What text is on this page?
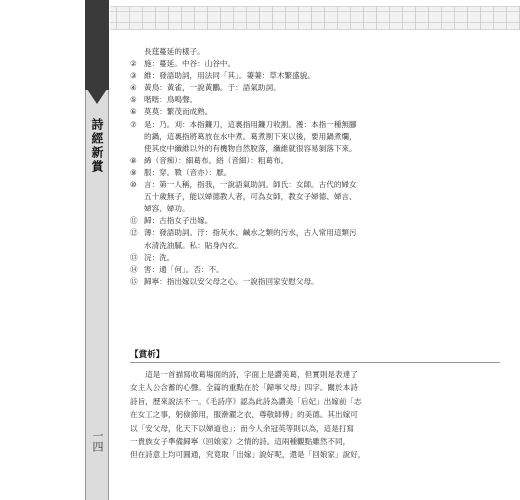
詩經新賞
一四
長莛蔓延的樣子。
② 施：蔓延。中谷：山谷中。
③ 維：發語助詞，用法同「其」。萋萋：草木繁盛貌。
④ 黃鳥：黃雀，一說黃鸝。于：語氣助詞。
⑤ 喈喈：鳥鳴聲。
⑥ 莫莫：繁茂而成熟。
⑦ 是：乃。刈：本指鐮刀，這裏指用鐮刀收割。濩：本指一種無腳
的鍋，這裏指將葛放在水中煮。葛煮割下來以後，要用鍋煮爛，
使其皮中纖維以外的有機物自然脫落，纖維就很容易剝落下來。
⑧ 絺（音痴）：細葛布。綌（音細）：粗葛布。
⑨ 服：穿。斁（音亦）：厭。
⑩ 言：第一人稱，指我，一說語氣助詞。師氏：女師。古代的婦女
五十歲無子，能以婦德教人者，可為女師，教女子婦德、婦言、
婦容、婦功。
⑪ 歸：古指女子出嫁。
⑫ 薄：發語助詞。汙：指灰水、鹹水之類的污水，古人常用這類污
水清洗油膩。私：貼身內衣。
⑬ 浣：洗。
⑭ 害：通「何」。否：不。
⑮ 歸寧：指出嫁以安父母之心。一說指回家安慰父母。
【賞析】
　　這是一首描寫收葛場面的詩，字面上是讚美葛，但實則是表達了
女主人公含蓄的心聲。全篇的重點在於「歸寧父母」四字。關於本詩
詩旨，歷來說法不一。《毛詩序》認為此詩為讚美「后妃」出嫁前「志
在女工之事，躬儉節用，服澣濯之衣，尊敬師傅」的美德。其出嫁可
以「安父母，化天下以婦道也」；而今人余冠英等則以為，這是打寫
一貴族女子準備歸寧（回娘家）之情的詩。這兩種觀點雖然不同，
但在詩意上均可圓通，究竟取「出嫁」說好呢，還是「回娘家」說好，
